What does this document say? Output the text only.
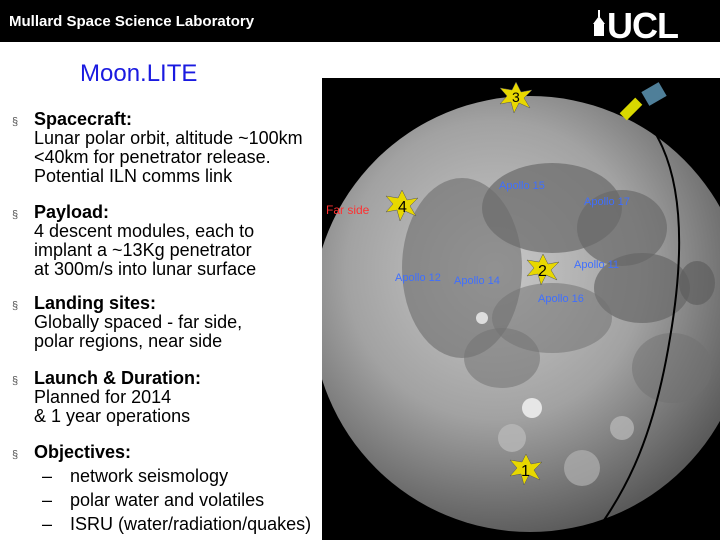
Mullard Space Science Laboratory	UCL
Moon.LITE
Apollo 15
Apollo 17
Apollo 11
Apollo 12 Apollo 14
Apollo 16
Far side
3
4
2
1
§ Spacecraft:
Lunar polar orbit, altitude ~100km
<40km for penetrator release.
Potential ILN comms link
§ Payload:
4 descent modules, each to
implant a ~13Kg penetrator
at 300m/s into lunar surface
§ Landing sites:
Globally spaced - far side,
polar regions, near side
§ Launch & Duration:
Planned for 2014
& 1 year operations
§ Objectives:
– network seismology
– polar water and volatiles
– ISRU (water/radiation/quakes)
